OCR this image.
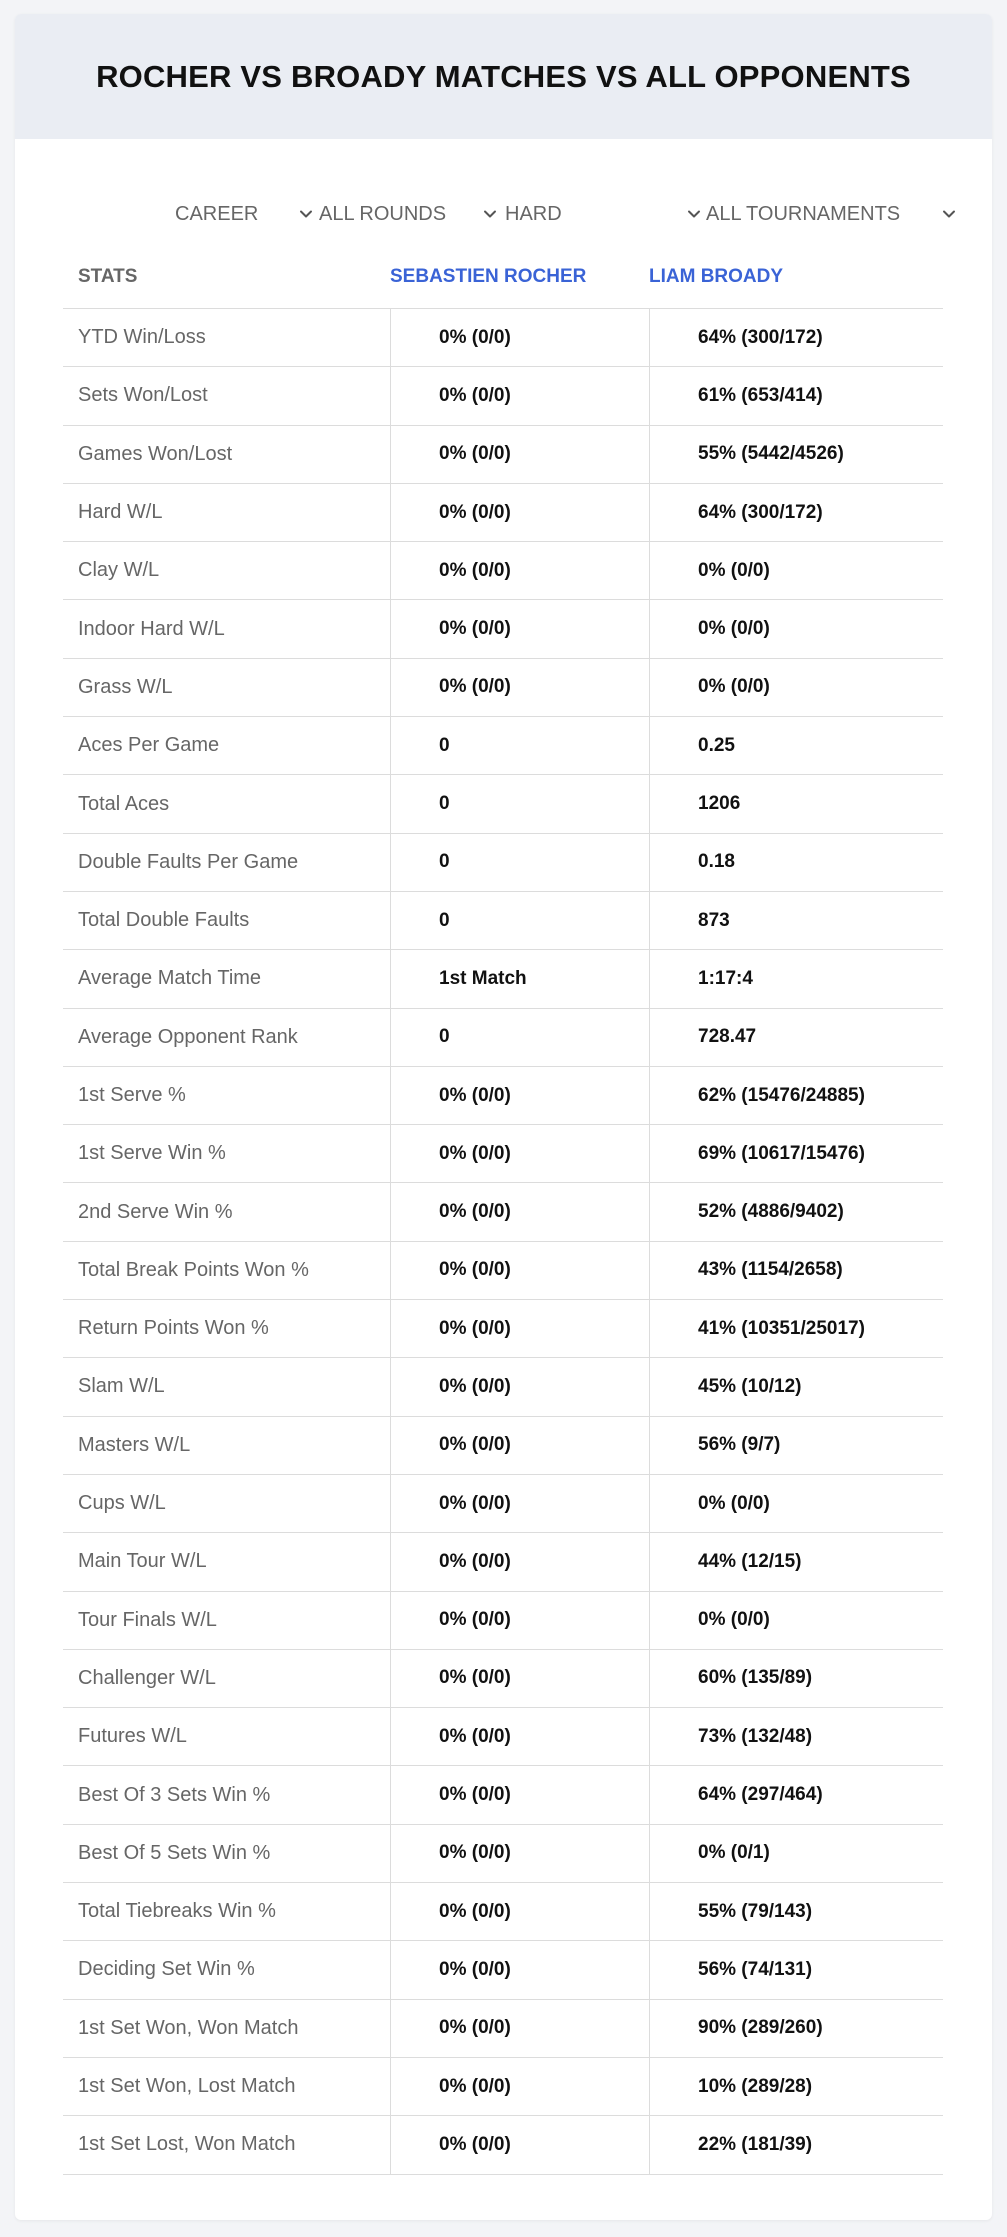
ROCHER VS BROADY MATCHES VS ALL OPPONENTS
CAREER	ALL ROUNDS	HARD	ALL TOURNAMENTS
STATS	SEBASTIEN ROCHER	LIAM BROADY
YTD Win/Loss	0% (0/0)	64% (300/172)
Sets Won/Lost	0% (0/0)	61% (653/414)
Games Won/Lost	0% (0/0)	55% (5442/4526)
Hard W/L	0% (0/0)	64% (300/172)
Clay W/L	0% (0/0)	0% (0/0)
Indoor Hard W/L	0% (0/0)	0% (0/0)
Grass W/L	0% (0/0)	0% (0/0)
Aces Per Game	0	0.25
Total Aces	0	1206
Double Faults Per Game	0	0.18
Total Double Faults	0	873
Average Match Time	1st Match	1:17:4
Average Opponent Rank	0	728.47
1st Serve %	0% (0/0)	62% (15476/24885)
1st Serve Win %	0% (0/0)	69% (10617/15476)
2nd Serve Win %	0% (0/0)	52% (4886/9402)
Total Break Points Won %	0% (0/0)	43% (1154/2658)
Return Points Won %	0% (0/0)	41% (10351/25017)
Slam W/L	0% (0/0)	45% (10/12)
Masters W/L	0% (0/0)	56% (9/7)
Cups W/L	0% (0/0)	0% (0/0)
Main Tour W/L	0% (0/0)	44% (12/15)
Tour Finals W/L	0% (0/0)	0% (0/0)
Challenger W/L	0% (0/0)	60% (135/89)
Futures W/L	0% (0/0)	73% (132/48)
Best Of 3 Sets Win %	0% (0/0)	64% (297/464)
Best Of 5 Sets Win %	0% (0/0)	0% (0/1)
Total Tiebreaks Win %	0% (0/0)	55% (79/143)
Deciding Set Win %	0% (0/0)	56% (74/131)
1st Set Won, Won Match	0% (0/0)	90% (289/260)
1st Set Won, Lost Match	0% (0/0)	10% (289/28)
1st Set Lost, Won Match	0% (0/0)	22% (181/39)
